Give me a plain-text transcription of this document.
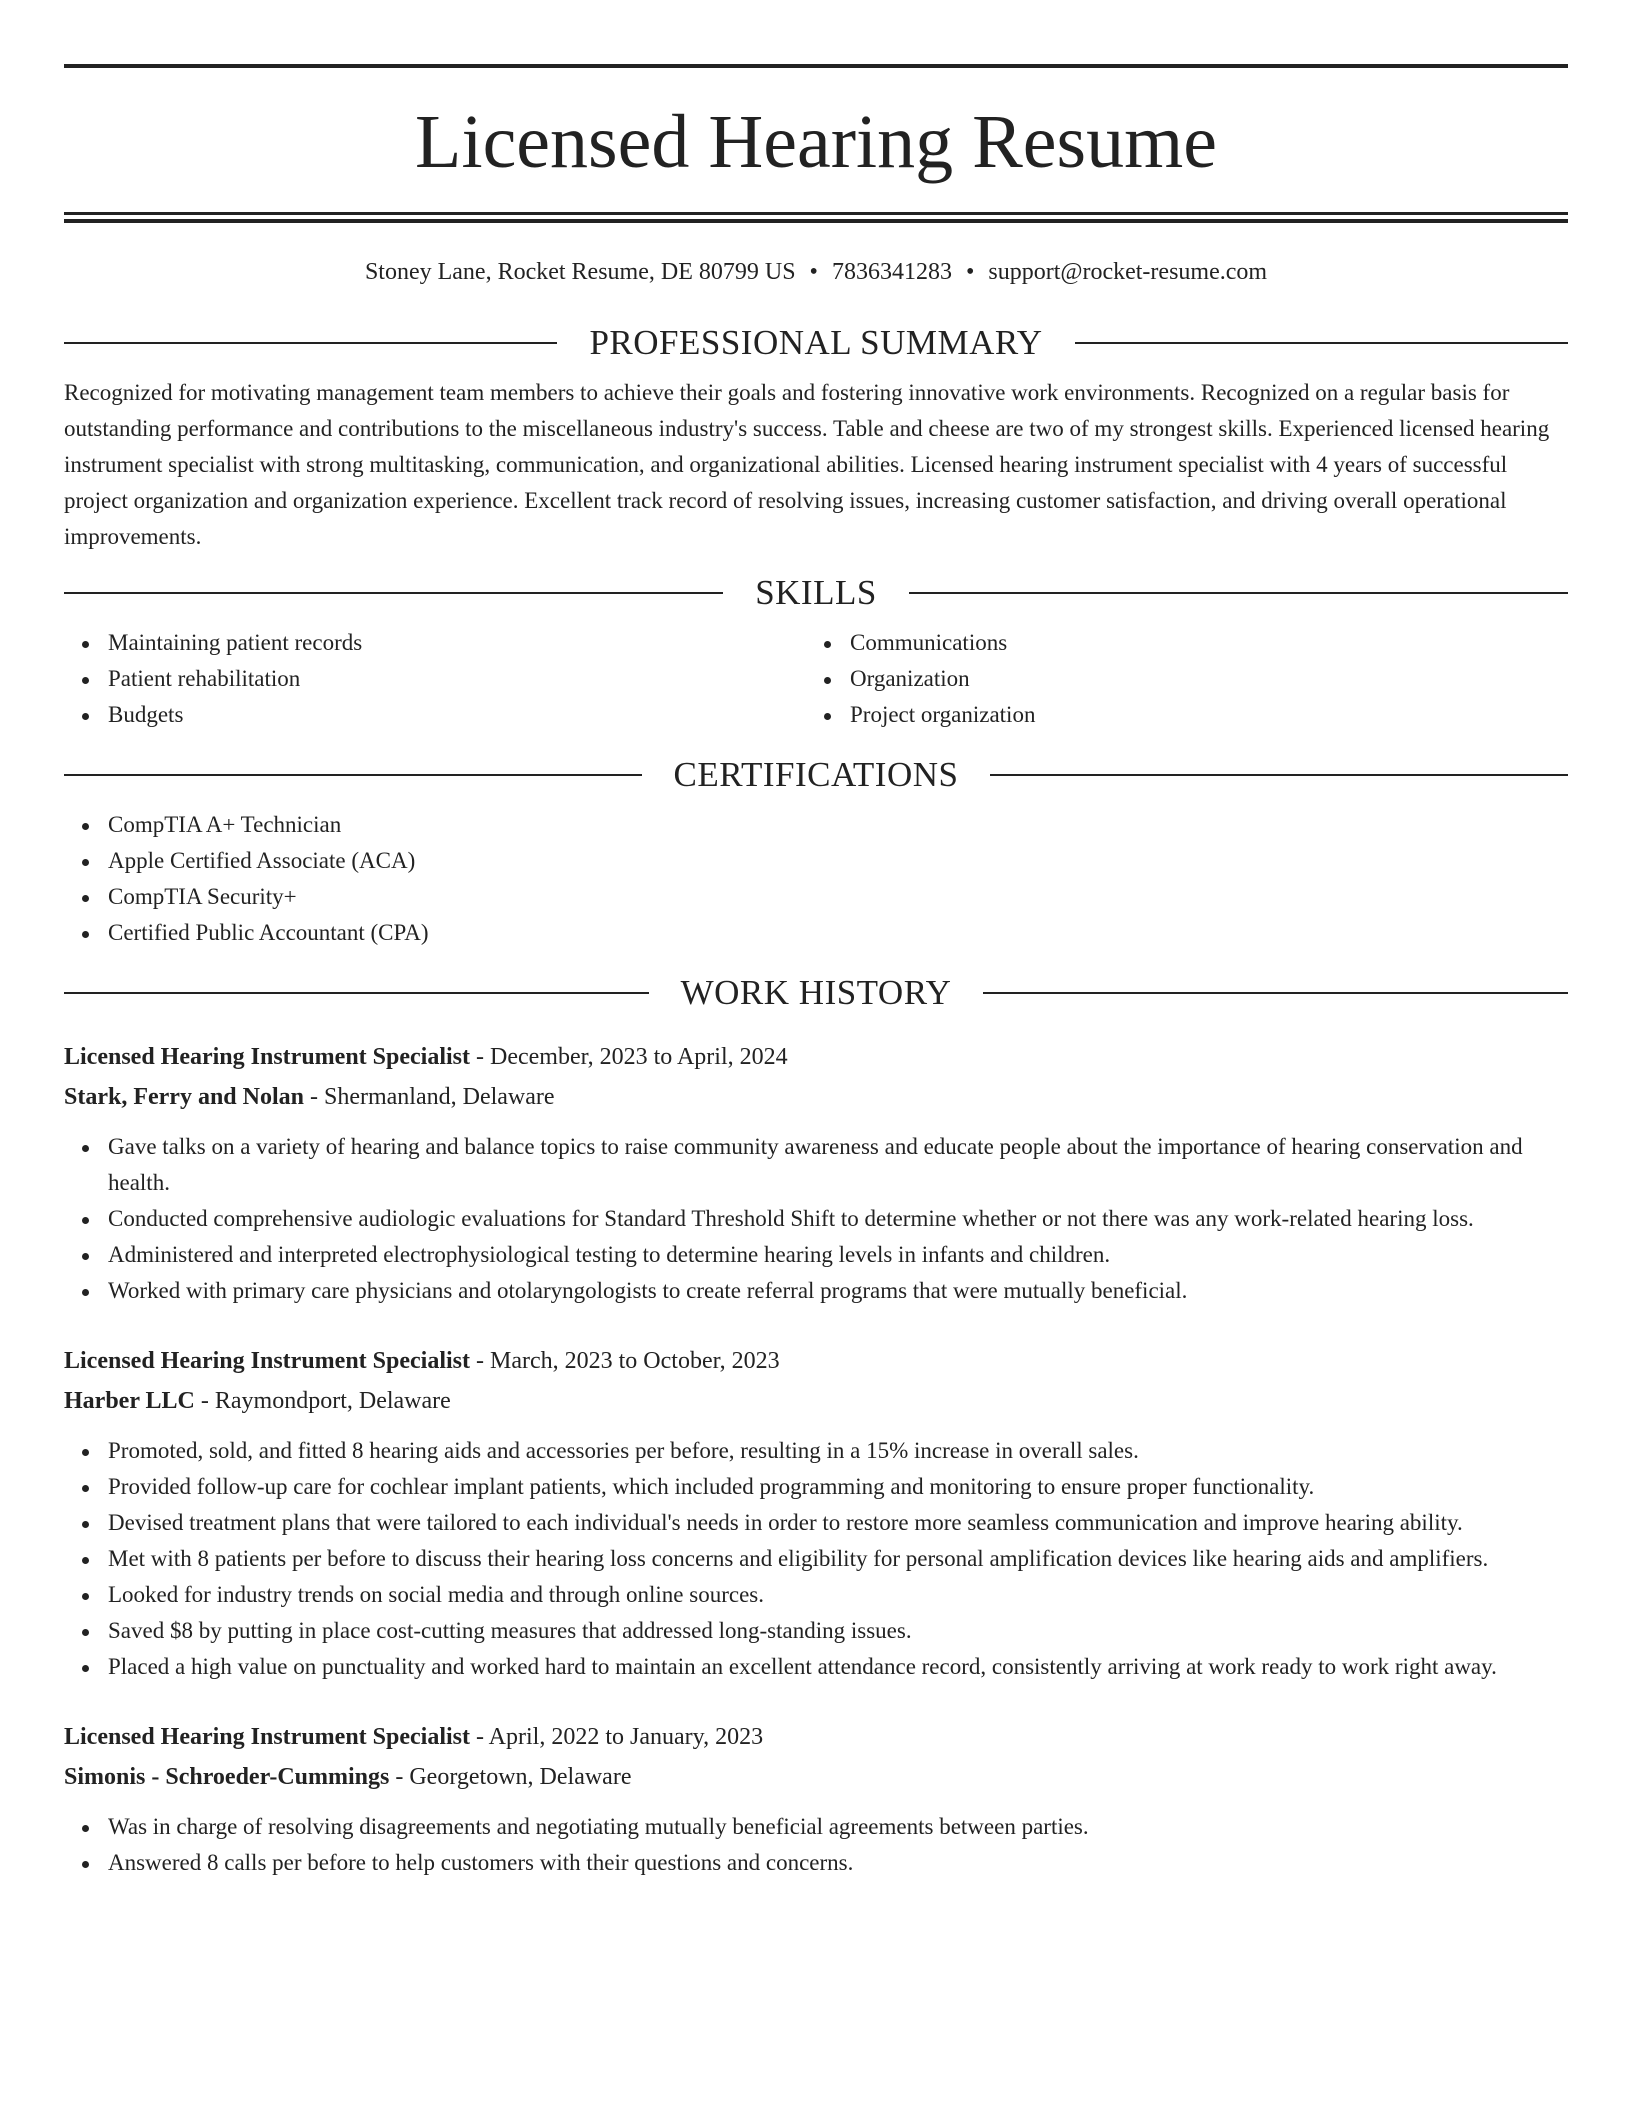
Licensed Hearing Resume
Stoney Lane, Rocket Resume, DE 80799 US • 7836341283 • support@rocket-resume.com
PROFESSIONAL SUMMARY
Recognized for motivating management team members to achieve their goals and fostering innovative work environments. Recognized on a regular basis for outstanding performance and contributions to the miscellaneous industry's success. Table and cheese are two of my strongest skills. Experienced licensed hearing instrument specialist with strong multitasking, communication, and organizational abilities. Licensed hearing instrument specialist with 4 years of successful project organization and organization experience. Excellent track record of resolving issues, increasing customer satisfaction, and driving overall operational improvements.
SKILLS
Maintaining patient records
Patient rehabilitation
Budgets
Communications
Organization
Project organization
CERTIFICATIONS
CompTIA A+ Technician
Apple Certified Associate (ACA)
CompTIA Security+
Certified Public Accountant (CPA)
WORK HISTORY
Licensed Hearing Instrument Specialist - December, 2023 to April, 2024
Stark, Ferry and Nolan - Shermanland, Delaware
Gave talks on a variety of hearing and balance topics to raise community awareness and educate people about the importance of hearing conservation and health.
Conducted comprehensive audiologic evaluations for Standard Threshold Shift to determine whether or not there was any work-related hearing loss.
Administered and interpreted electrophysiological testing to determine hearing levels in infants and children.
Worked with primary care physicians and otolaryngologists to create referral programs that were mutually beneficial.
Licensed Hearing Instrument Specialist - March, 2023 to October, 2023
Harber LLC - Raymondport, Delaware
Promoted, sold, and fitted 8 hearing aids and accessories per before, resulting in a 15% increase in overall sales.
Provided follow-up care for cochlear implant patients, which included programming and monitoring to ensure proper functionality.
Devised treatment plans that were tailored to each individual's needs in order to restore more seamless communication and improve hearing ability.
Met with 8 patients per before to discuss their hearing loss concerns and eligibility for personal amplification devices like hearing aids and amplifiers.
Looked for industry trends on social media and through online sources.
Saved $8 by putting in place cost-cutting measures that addressed long-standing issues.
Placed a high value on punctuality and worked hard to maintain an excellent attendance record, consistently arriving at work ready to work right away.
Licensed Hearing Instrument Specialist - April, 2022 to January, 2023
Simonis - Schroeder-Cummings - Georgetown, Delaware
Was in charge of resolving disagreements and negotiating mutually beneficial agreements between parties.
Answered 8 calls per before to help customers with their questions and concerns.
